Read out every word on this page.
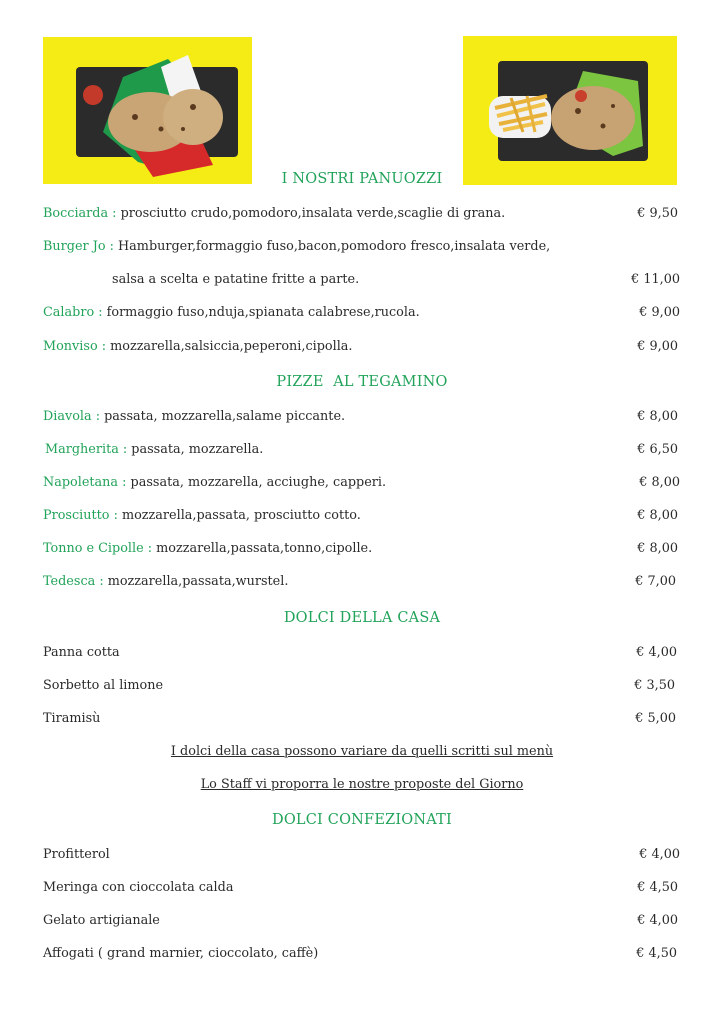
I NOSTRI PANUOZZI
Bocciarda : prosciutto crudo,pomodoro,insalata verde,scaglie di grana.	€ 9,50
Burger Jo : Hamburger,formaggio fuso,bacon,pomodoro fresco,insalata verde,
salsa a scelta e patatine fritte a parte.	€ 11,00
Calabro : formaggio fuso,nduja,spianata calabrese,rucola.	€ 9,00
Monviso : mozzarella,salsiccia,peperoni,cipolla.	€ 9,00
PIZZE  AL TEGAMINO
Diavola : passata, mozzarella,salame piccante.	€ 8,00
Margherita : passata, mozzarella.	€ 6,50
Napoletana : passata, mozzarella, acciughe, capperi.	€ 8,00
Prosciutto : mozzarella,passata, prosciutto cotto.	€ 8,00
Tonno e Cipolle : mozzarella,passata,tonno,cipolle.	€ 8,00
Tedesca : mozzarella,passata,wurstel.	€ 7,00
DOLCI DELLA CASA
Panna cotta	€ 4,00
Sorbetto al limone	€ 3,50
Tiramisù	€ 5,00
I dolci della casa possono variare da quelli scritti sul menù
Lo Staff vi proporra le nostre proposte del Giorno
DOLCI CONFEZIONATI
Profitterol	€ 4,00
Meringa con cioccolata calda	€ 4,50
Gelato artigianale	€ 4,00
Affogati ( grand marnier, cioccolato, caffè)	€ 4,50
